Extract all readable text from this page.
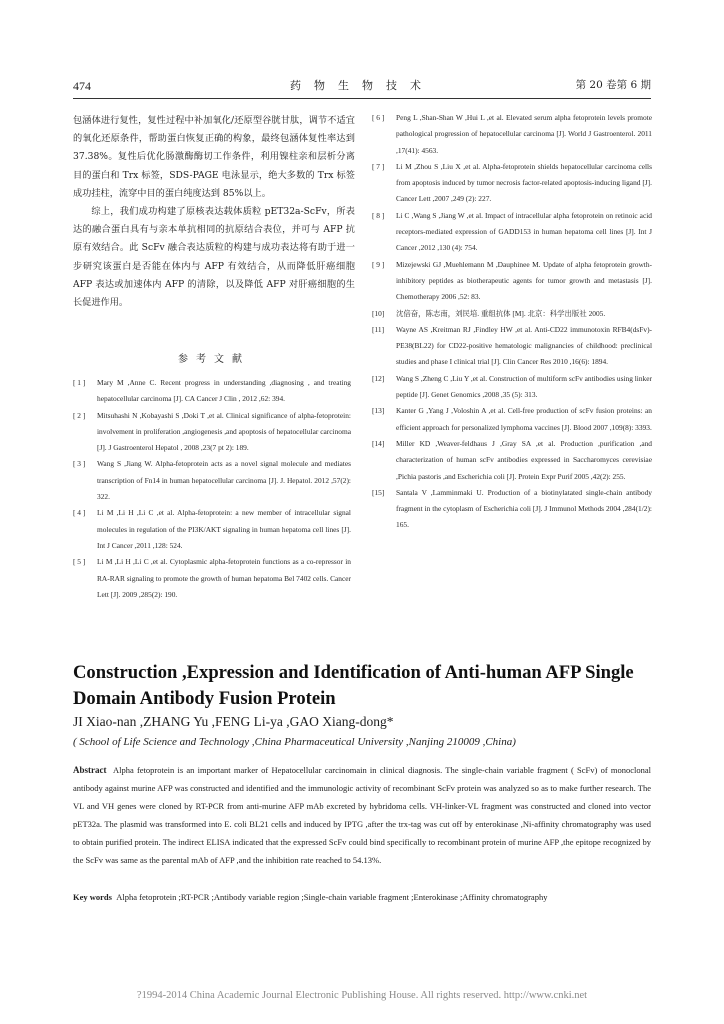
474	药物生物技术	第 20 卷第 6 期

包涵体进行复性，复性过程中补加氧化/还原型谷胱甘肽，调节不适宜的氧化还原条件，帮助蛋白恢复正确的构象，最终包涵体复性率达到 37.38%。复性后优化肠激酶酶切工作条件，利用镍柱亲和层析分离目的蛋白和 Trx 标签，SDS-PAGE 电泳显示，绝大多数的 Trx 标签成功挂柱，流穿中目的蛋白纯度达到 85%以上。

综上，我们成功构建了原核表达载体质粒 pET32a-ScFv，所表达的融合蛋白具有与亲本单抗相同的抗原结合表位，并可与 AFP 抗原有效结合。此 ScFv 融合表达质粒的构建与成功表达将有助于进一步研究该蛋白是否能在体内与 AFP 有效结合，从而降低肝癌细胞 AFP 表达或加速体内 AFP 的清除，以及降低 AFP 对肝癌细胞的生长促进作用。

参考文献
[ 1 ] Mary M ,Anne C. Recent progress in understanding ,diagnosing , and treating hepatocellular carcinoma [J]. CA Cancer J Clin , 2012 ,62: 394.
[ 2 ] Mitsuhashi N ,Kobayashi S ,Doki T ,et al. Clinical significance of alpha-fetoprotein: involvement in proliferation ,angiogenesis ,and apoptosis of hepatocellular carcinoma [J]. J Gastroenterol Hepatol , 2008 ,23(7 pt 2): 189.
[ 3 ] Wang S ,Jiang W. Alpha-fetoprotein acts as a novel signal molecule and mediates transcription of Fn14 in human hepatocellular carcinoma [J]. J. Hepatol. 2012 ,57(2): 322.
[ 4 ] Li M ,Li H ,Li C ,et al. Alpha-fetoprotein: a new member of intracellular signal molecules in regulation of the PI3K/AKT signaling in human hepatoma cell lines [J]. Int J Cancer ,2011 ,128: 524.
[ 5 ] Li M ,Li H ,Li C ,et al. Cytoplasmic alpha-fetoprotein functions as a co-repressor in RA-RAR signaling to promote the growth of human hepatoma Bel 7402 cells. Cancer Lett [J]. 2009 ,285(2): 190.
[ 6 ] Peng L ,Shan-Shan W ,Hui L ,et al. Elevated serum alpha fetoprotein levels promote pathological progression of hepatocellular carcinoma [J]. World J Gastroenterol. 2011 ,17(41): 4563.
[ 7 ] Li M ,Zhou S ,Liu X ,et al. Alpha-fetoprotein shields hepatocellular carcinoma cells from apoptosis induced by tumor necrosis factor-related apoptosis-inducing ligand [J]. Cancer Lett ,2007 ,249 (2): 227.
[ 8 ] Li C ,Wang S ,Jiang W ,et al. Impact of intracellular alpha fetoprotein on retinoic acid receptors-mediated expression of GADD153 in human hepatoma cell lines [J]. Int J Cancer ,2012 ,130 (4): 754.
[ 9 ] Mizejewski GJ ,Muehlemann M ,Dauphinee M. Update of alpha fetoprotein growth-inhibitory peptides as biotherapeutic agents for tumor growth and metastasis [J]. Chemotherapy 2006 ,52: 83.
[10] 沈倍奋，陈志南，刘民培. 重组抗体 [M]. 北京：科学出版社 2005.
[11] Wayne AS ,Kreitman RJ ,Findley HW ,et al. Anti-CD22 immunotoxin RFB4(dsFv)-PE38(BL22) for CD22-positive hematologic malignancies of childhood: preclinical studies and phase I clinical trial [J]. Clin Cancer Res 2010 ,16(6): 1894.
[12] Wang S ,Zheng C ,Liu Y ,et al. Construction of multiform scFv antibodies using linker peptide [J]. Genet Genomics ,2008 ,35 (5): 313.
[13] Kanter G ,Yang J ,Voloshin A ,et al. Cell-free production of scFv fusion proteins: an efficient approach for personalized lymphoma vaccines [J]. Blood 2007 ,109(8): 3393.
[14] Miller KD ,Weaver-feldhaus J ,Gray SA ,et al. Production ,purification ,and characterization of human scFv antibodies expressed in Saccharomyces cerevisiae ,Pichia pastoris ,and Escherichia coli [J]. Protein Expr Purif 2005 ,42(2): 255.
[15] Santala V ,Lamminmaki U. Production of a biotinylatated single-chain antibody fragment in the cytoplasm of Escherichia coli [J]. J Immunol Methods 2004 ,284(1/2): 165.
Construction ,Expression and Identification of Anti-human AFP Single Domain Antibody Fusion Protein
JI Xiao-nan ,ZHANG Yu ,FENG Li-ya ,GAO Xiang-dong*
( School of Life Science and Technology ,China Pharmaceutical University ,Nanjing 210009 ,China)
Abstract Alpha fetoprotein is an important marker of Hepatocellular carcinomain in clinical diagnosis. The single-chain variable fragment ( ScFv) of monoclonal antibody against murine AFP was constructed and identified and the immunologic activity of recombinant ScFv protein was analyzed so as to make further research. The VL and VH genes were cloned by RT-PCR from anti-murine AFP mAb excreted by hybridoma cells. VH-linker-VL fragment was constructed and cloned into vector pET32a. The plasmid was transformed into E. coli BL21 cells and induced by IPTG ,after the trx-tag was cut off by enterokinase ,Ni-affinity chromatography was used to obtain purified protein. The indirect ELISA indicated that the expressed ScFv could bind specifically to recombinant protein of murine AFP ,the epitope recognized by the ScFv was same as the parental mAb of AFP ,and the inhibition rate reached to 54.13%.
Key words Alpha fetoprotein ;RT-PCR ;Antibody variable region ;Single-chain variable fragment ;Enterokinase ;Affinity chromatography
?1994-2014 China Academic Journal Electronic Publishing House. All rights reserved. http://www.cnki.net
